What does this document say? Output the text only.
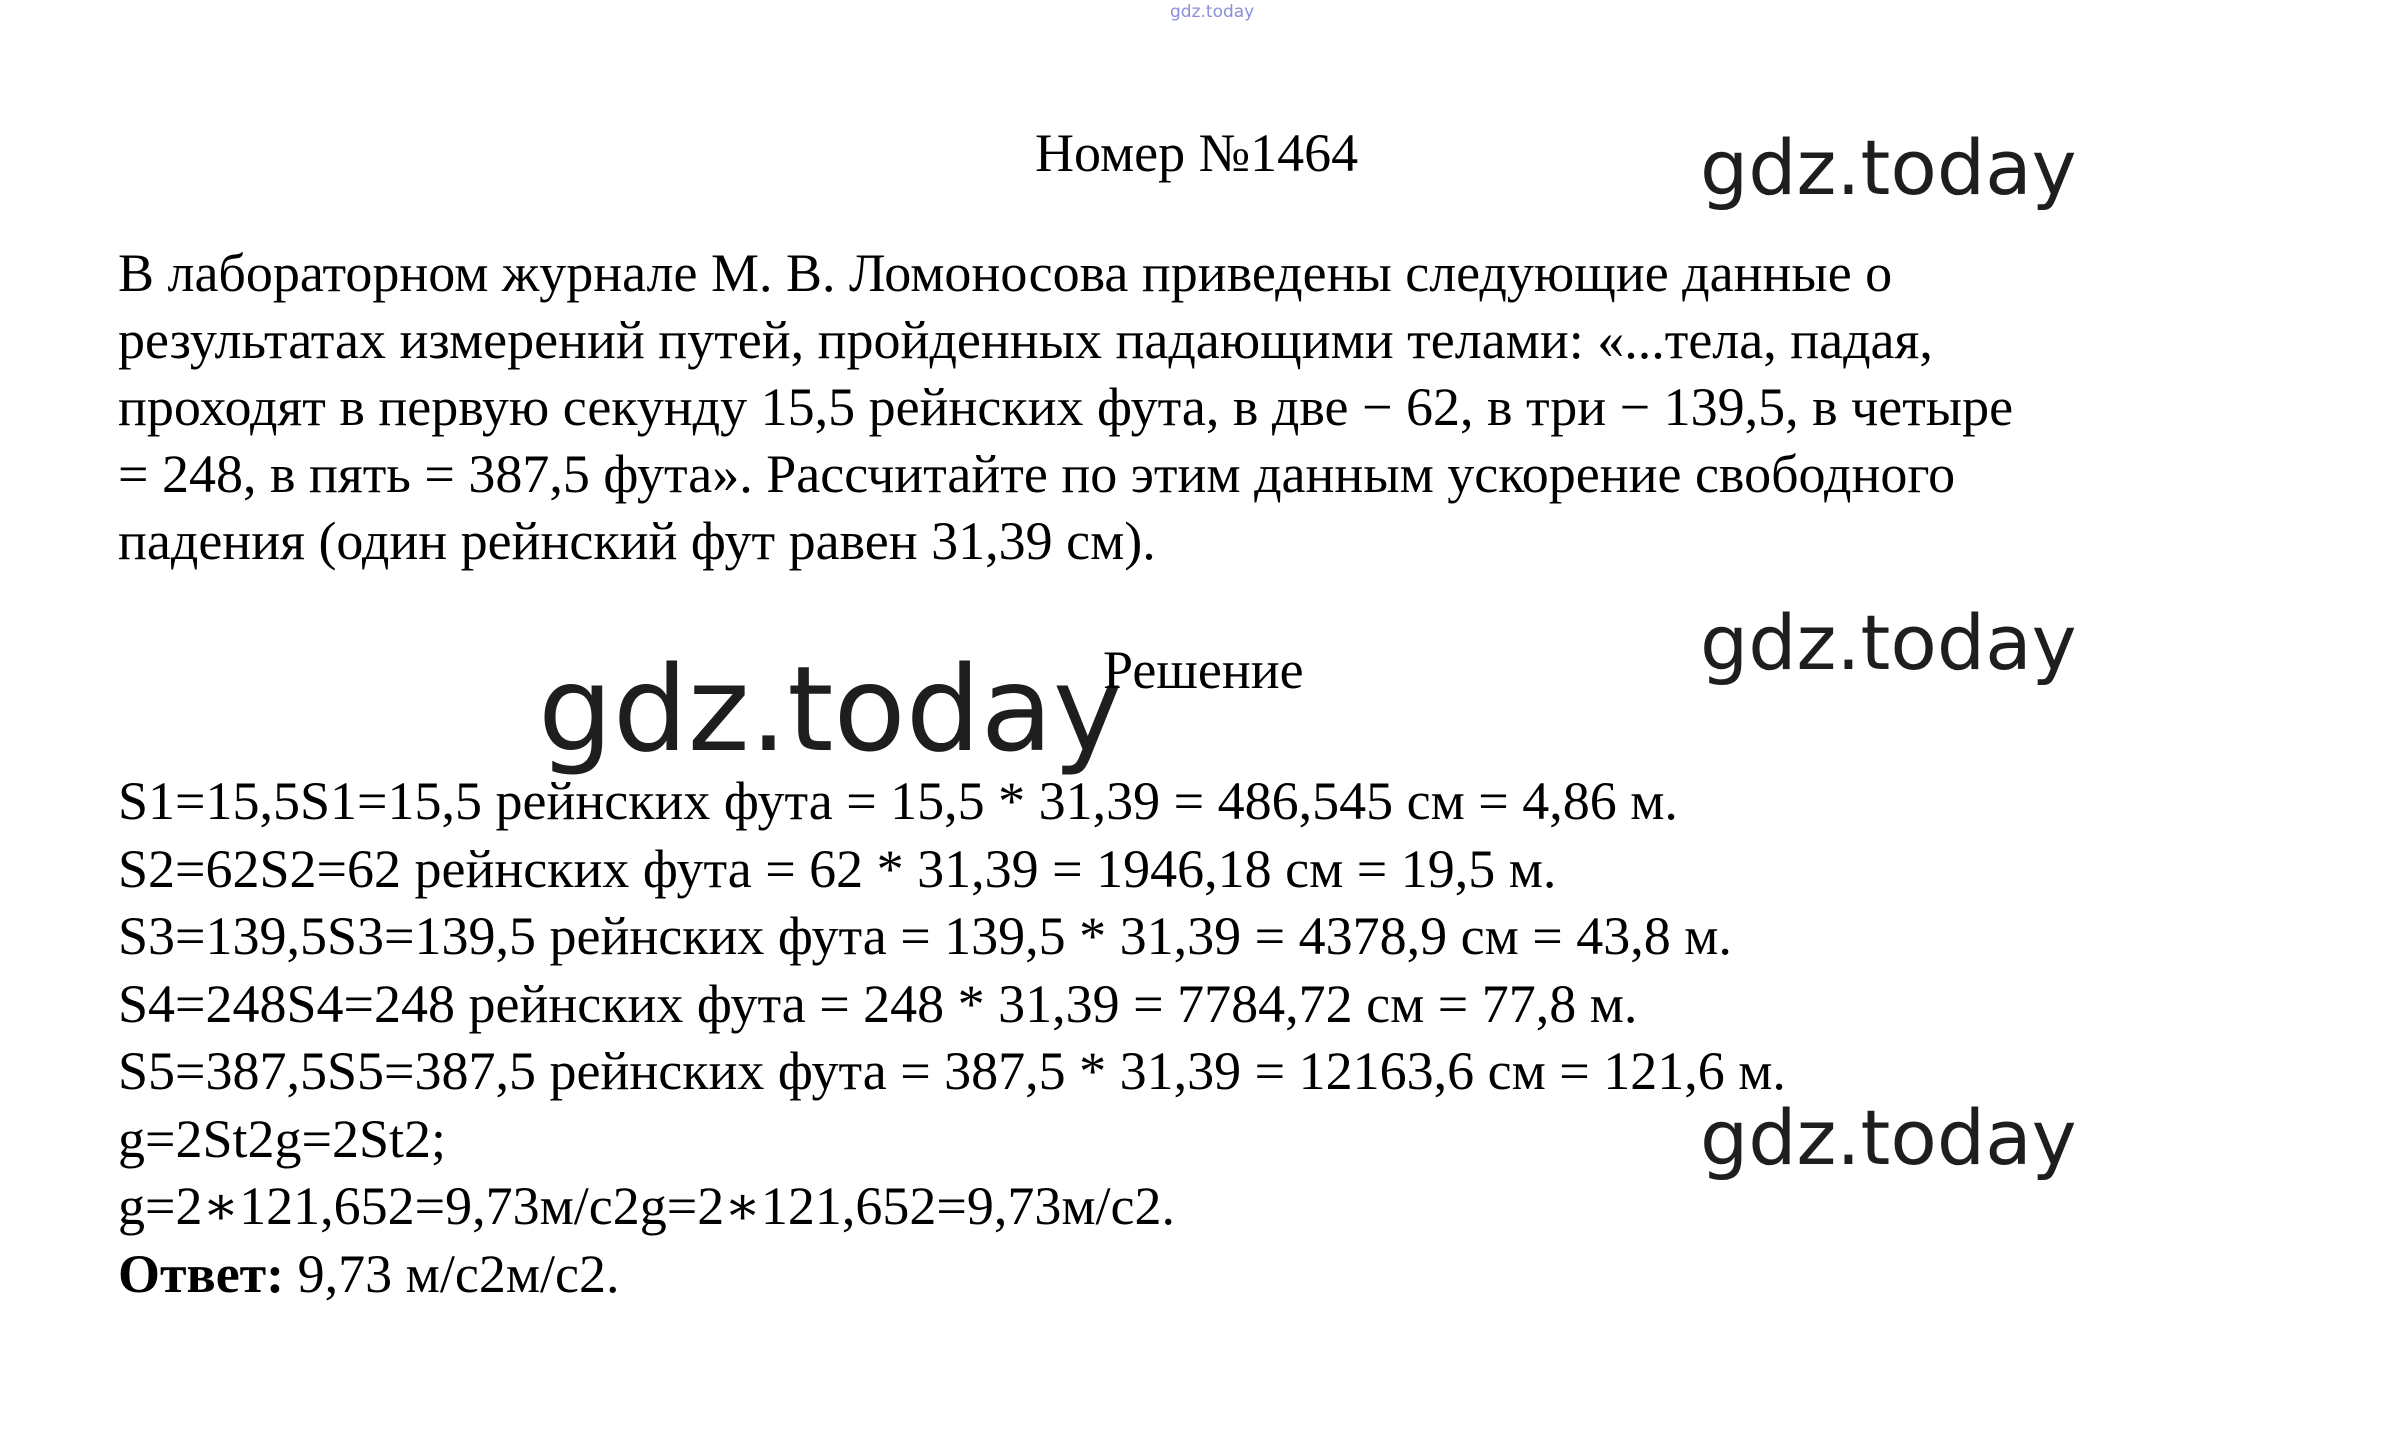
gdz.today
Номер №1464	gdz.today
gdz.today
gdz.today
gdz.today
В лабораторном журнале М. В. Ломоносова приведены следующие данные о
результатах измерений путей, пройденных падающими телами: «...тела, падая,
проходят в первую секунду 15,5 рейнских фута, в две − 62, в три − 139,5, в четыре
= 248, в пять = 387,5 фута». Рассчитайте по этим данным ускорение свободного
падения (один рейнский фут равен 31,39 см).
Решение
S1=15,5S1=15,5 рейнских фута = 15,5 * 31,39 = 486,545 см = 4,86 м.
S2=62S2=62 рейнских фута = 62 * 31,39 = 1946,18 см = 19,5 м.
S3=139,5S3=139,5 рейнских фута = 139,5 * 31,39 = 4378,9 см = 43,8 м.
S4=248S4=248 рейнских фута = 248 * 31,39 = 7784,72 см = 77,8 м.
S5=387,5S5=387,5 рейнских фута = 387,5 * 31,39 = 12163,6 см = 121,6 м.
g=2St2g=2St2;
g=2∗121,652=9,73м/с2g=2∗121,652=9,73м/с2.
Ответ: 9,73 м/с2м/с2.
